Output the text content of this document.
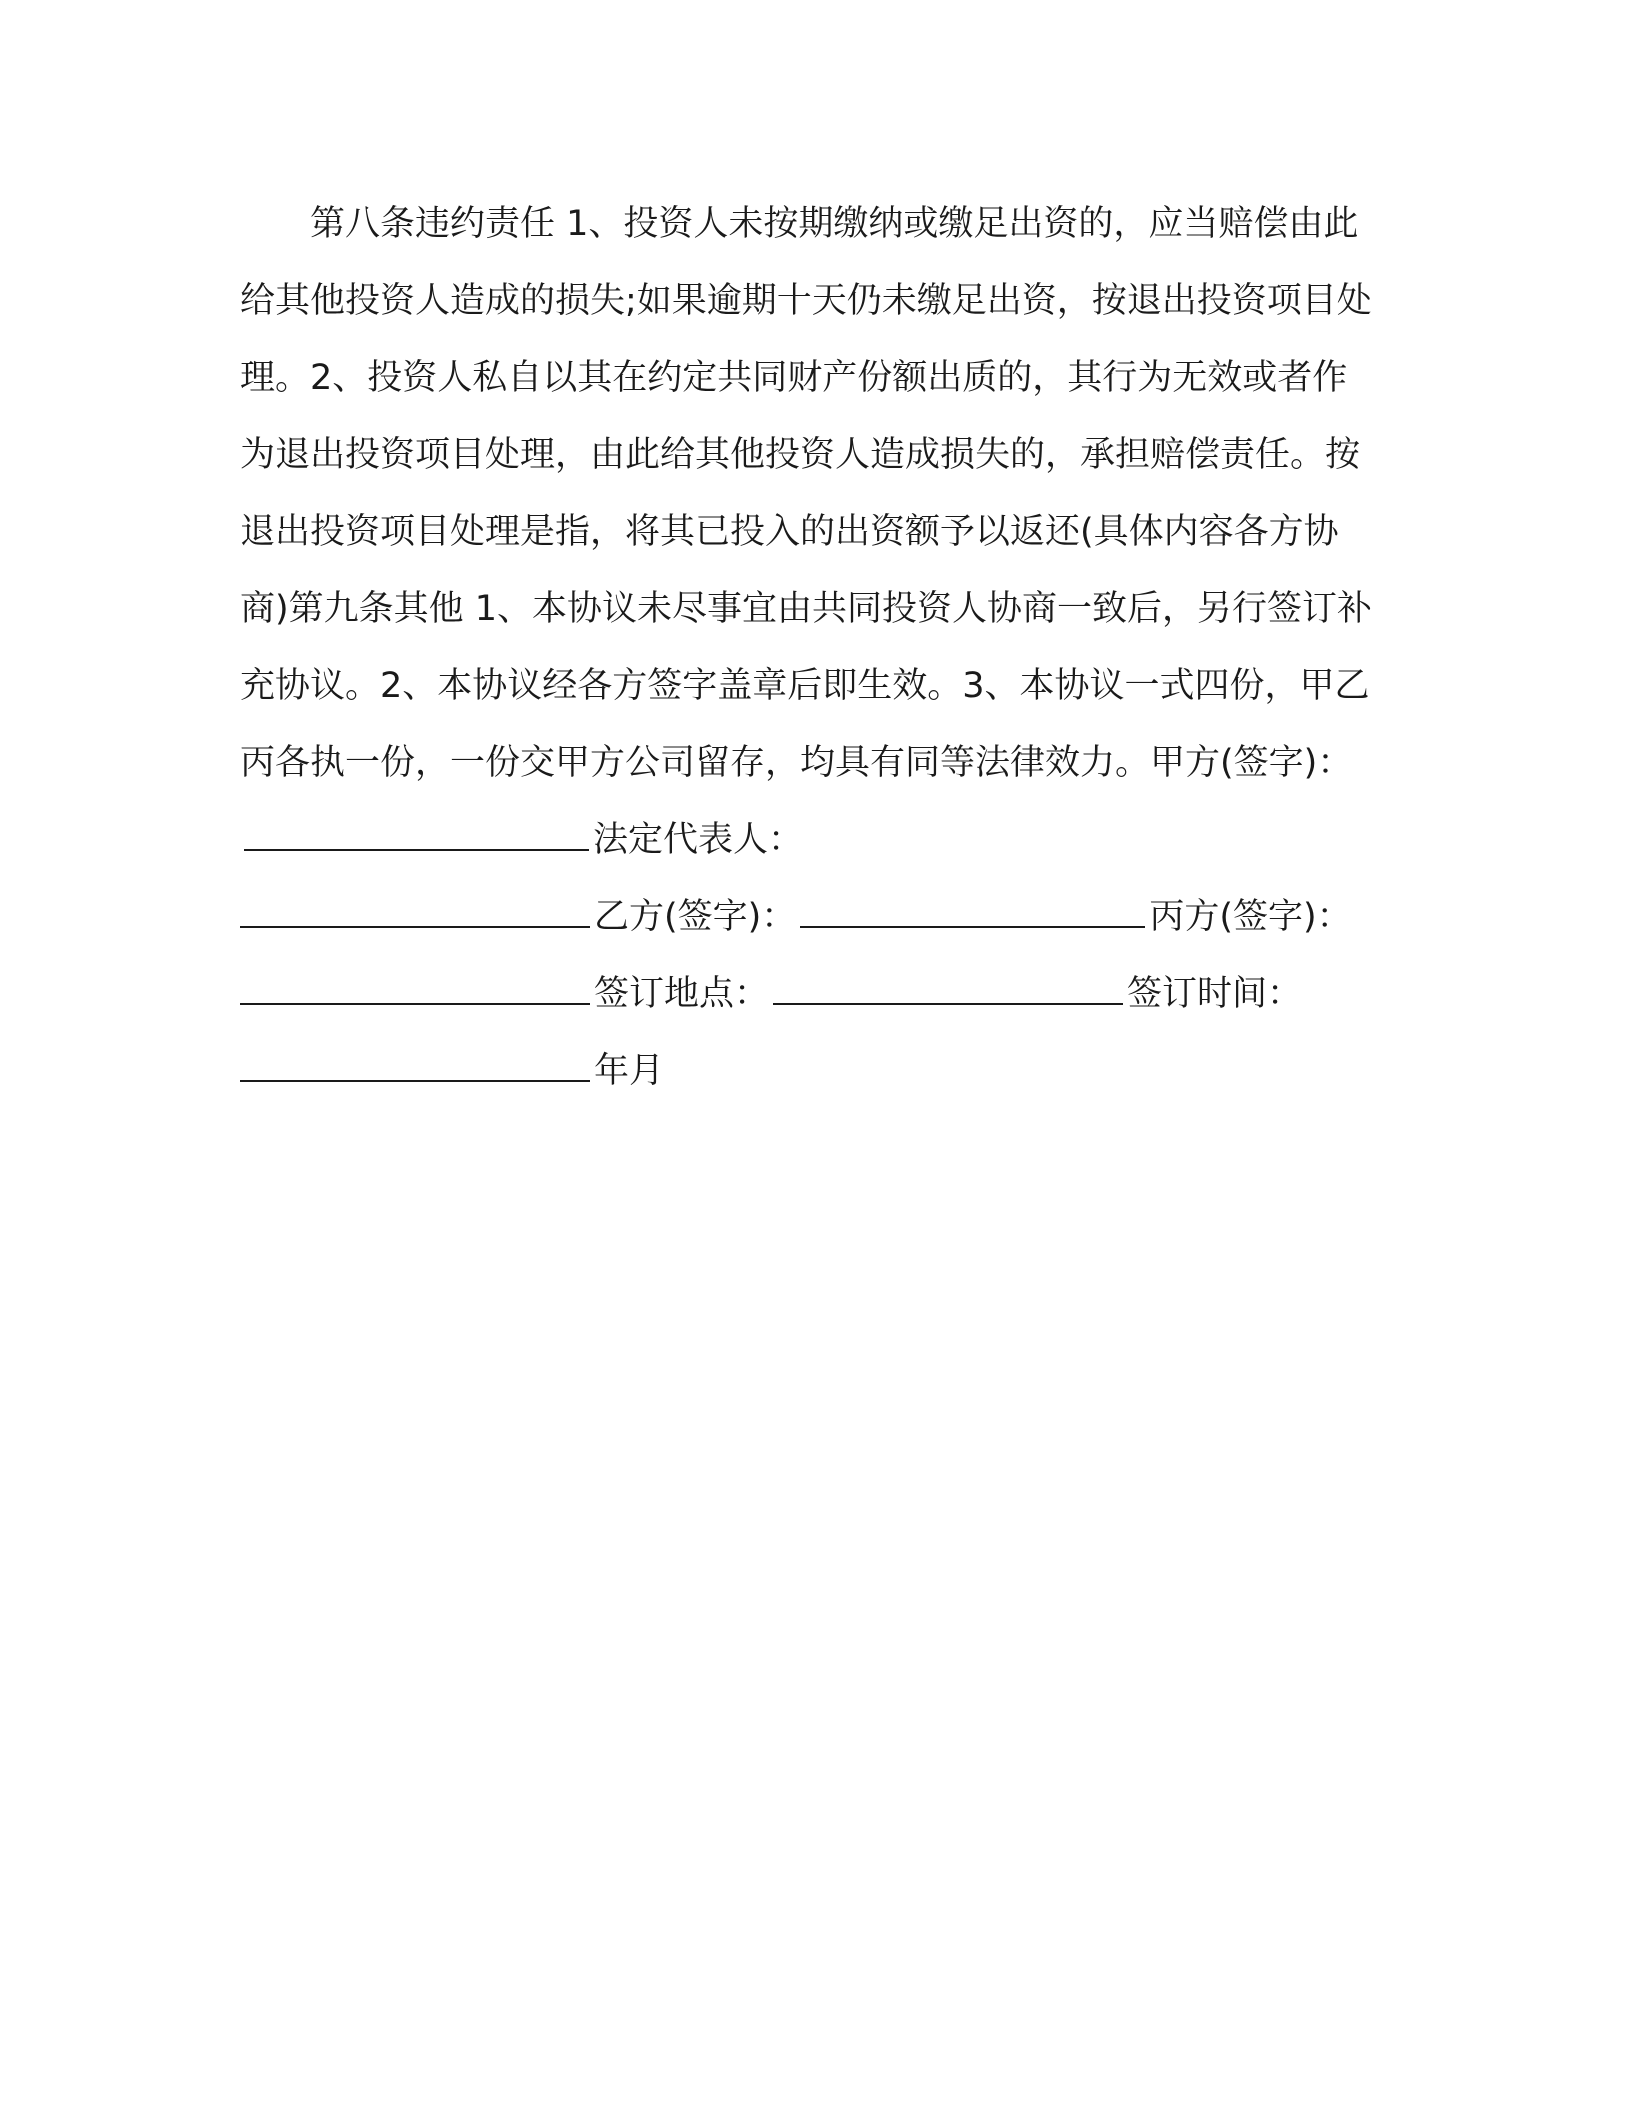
第八条违约责任 1、投资人未按期缴纳或缴足出资的，应当赔偿由此给其他投资人造成的损失;如果逾期十天仍未缴足出资，按退出投资项目处理。2、投资人私自以其在约定共同财产份额出质的，其行为无效或者作为退出投资项目处理，由此给其他投资人造成损失的，承担赔偿责任。按退出投资项目处理是指，将其已投入的出资额予以返还(具体内容各方协商)第九条其他 1、本协议未尽事宜由共同投资人协商一致后，另行签订补充协议。2、本协议经各方签字盖章后即生效。3、本协议一式四份，甲乙丙各执一份，一份交甲方公司留存，均具有同等法律效力。甲方(签字)：法定代表人：

乙方(签字)：	丙方(签字)：
签订地点：	签订时间：
年月
